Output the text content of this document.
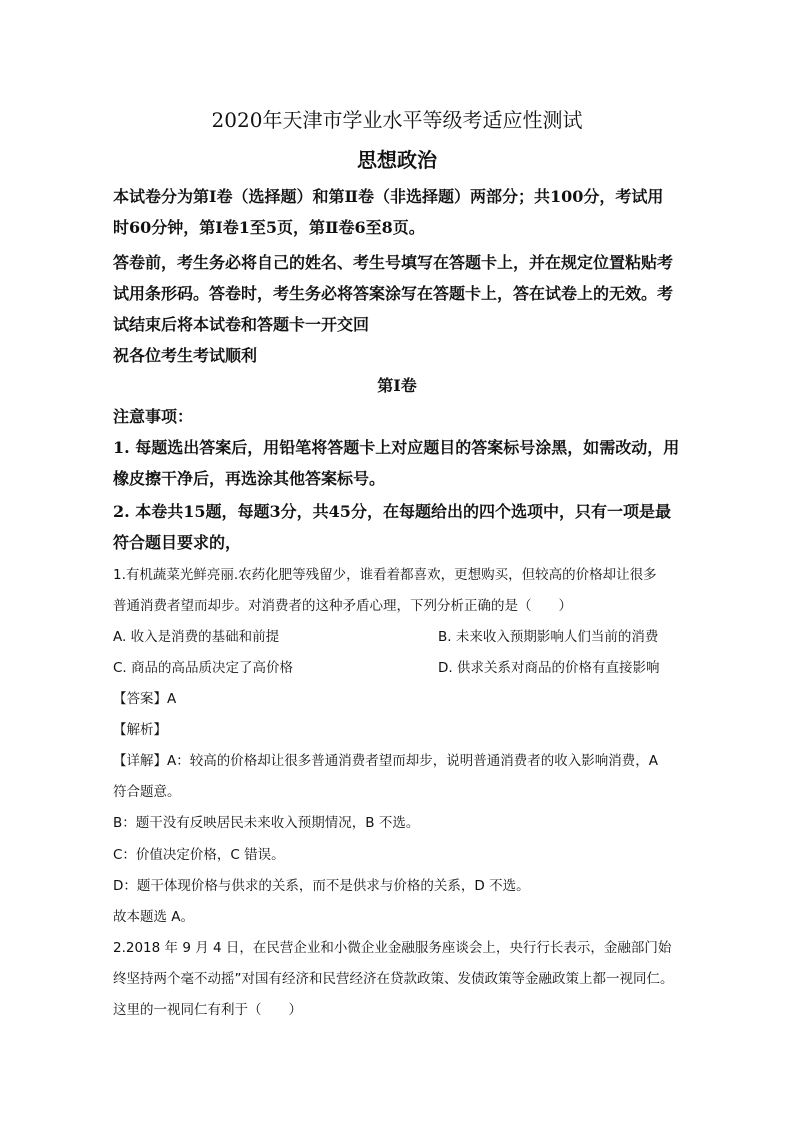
2020年天津市学业水平等级考适应性测试
思想政治
本试卷分为第Ⅰ卷（选择题）和第Ⅱ卷（非选择题）两部分；共100分，考试用
时60分钟，第Ⅰ卷1至5页，第Ⅱ卷6至8页。
答卷前，考生务必将自己的姓名、考生号填写在答题卡上，并在规定位置粘贴考
试用条形码。答卷时，考生务必将答案涂写在答题卡上，答在试卷上的无效。考
试结束后将本试卷和答题卡一开交回
祝各位考生考试顺利
第Ⅰ卷
注意事项：
1. 每题选出答案后，用铅笔将答题卡上对应题目的答案标号涂黑，如需改动，用
橡皮擦干净后，再选涂其他答案标号。
2. 本卷共15题，每题3分，共45分，在每题给出的四个选项中，只有一项是最
符合题目要求的，
1.有机蔬菜光鲜亮丽.农药化肥等残留少，谁看着都喜欢，更想购买，但较高的价格却让很多
普通消费者望而却步。对消费者的这种矛盾心理，下列分析正确的是（　　）
A. 收入是消费的基础和前提	B. 未来收入预期影响人们当前的消费
C. 商品的高品质决定了高价格	D. 供求关系对商品的价格有直接影响
【答案】A
【解析】
【详解】A：较高的价格却让很多普通消费者望而却步，说明普通消费者的收入影响消费，A
符合题意。
B：题干没有反映居民未来收入预期情况，B 不选。
C：价值决定价格，C 错误。
D：题干体现价格与供求的关系，而不是供求与价格的关系，D 不选。
故本题选 A。
2.2018 年 9 月 4 日，在民营企业和小微企业金融服务座谈会上，央行行长表示，金融部门始
终坚持两个毫不动摇”对国有经济和民营经济在贷款政策、发债政策等金融政策上都一视同仁。
这里的一视同仁有利于（　　）
